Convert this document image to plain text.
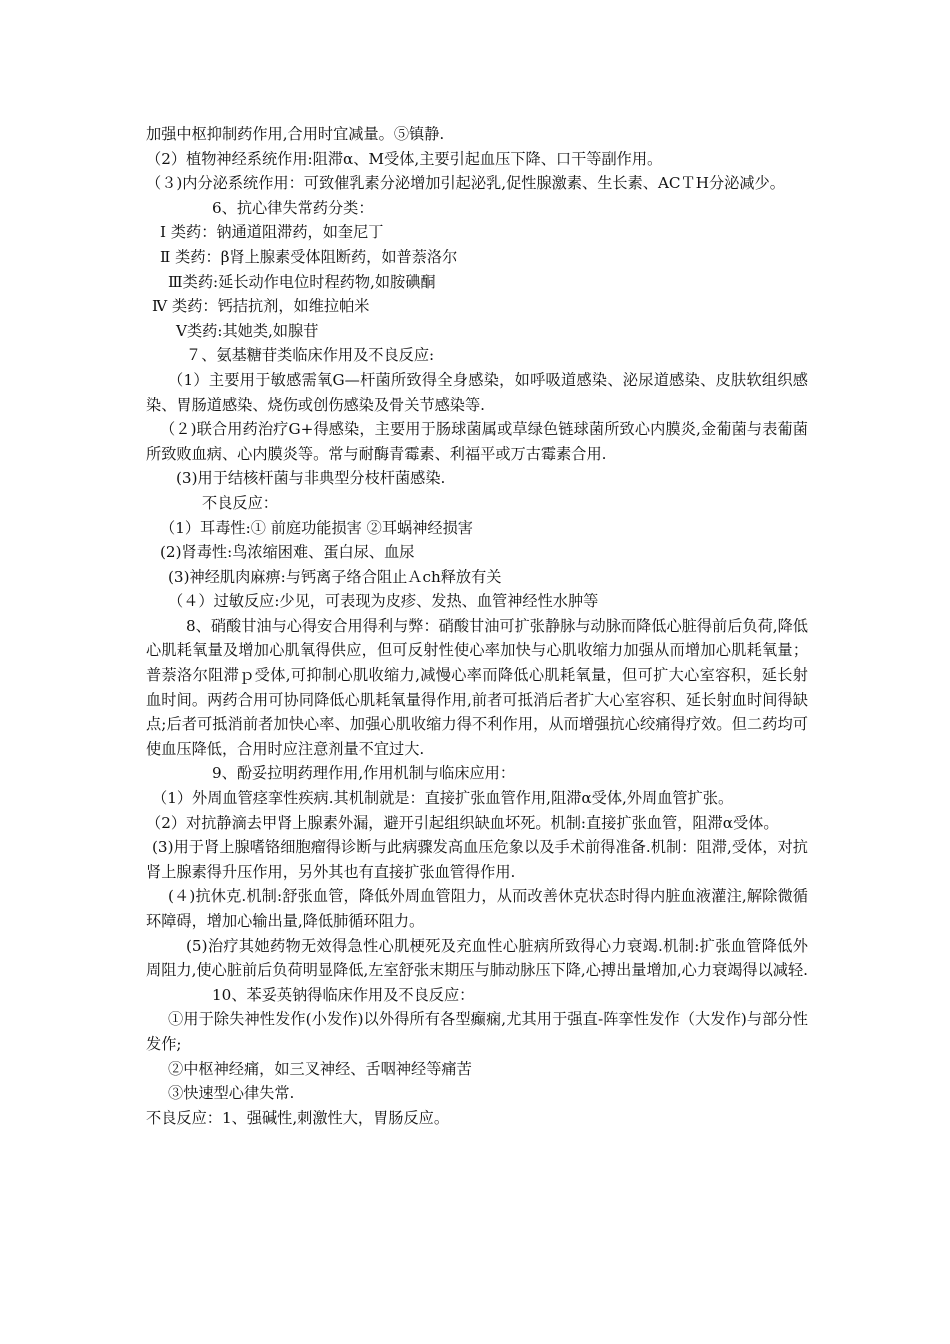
加强中枢抑制药作用,合用时宜减量。⑤镇静.

（2）植物神经系统作用:阻滞α、M受体,主要引起血压下降、口干等副作用。

（３)内分泌系统作用：可致催乳素分泌增加引起泌乳,促性腺激素、生长素、ACＴH分泌减少。

6、抗心律失常药分类：

Ⅰ 类药：钠通道阻滞药，如奎尼丁

Ⅱ 类药：β肾上腺素受体阻断药，如普萘洛尔

Ⅲ类药:延长动作电位时程药物,如胺碘酮

Ⅳ 类药：钙拮抗剂，如维拉帕米

Ⅴ类药:其她类,如腺苷

７、氨基糖苷类临床作用及不良反应:

（1）主要用于敏感需氧G—杆菌所致得全身感染，如呼吸道感染、泌尿道感染、皮肤软组织感染、胃肠道感染、烧伤或创伤感染及骨关节感染等.

（２)联合用药治疗G+得感染，主要用于肠球菌属或草绿色链球菌所致心内膜炎,金葡菌与表葡菌所致败血病、心内膜炎等。常与耐酶青霉素、利福平或万古霉素合用.

(3)用于结核杆菌与非典型分枝杆菌感染.

不良反应：

（1）耳毒性:① 前庭功能损害 ②耳蜗神经损害

(2)肾毒性:鸟浓缩困难、蛋白尿、血尿

(3)神经肌肉麻痹:与钙离子络合阻止Ａch释放有关

（４）过敏反应:少见，可表现为皮疹、发热、血管神经性水肿等

8、硝酸甘油与心得安合用得利与弊：硝酸甘油可扩张静脉与动脉而降低心脏得前后负荷,降低心肌耗氧量及增加心肌氧得供应，但可反射性使心率加快与心肌收缩力加强从而增加心肌耗氧量；普萘洛尔阻滞ｐ受体,可抑制心肌收缩力,减慢心率而降低心肌耗氧量，但可扩大心室容积，延长射血时间。两药合用可协同降低心肌耗氧量得作用,前者可抵消后者扩大心室容积、延长射血时间得缺点;后者可抵消前者加快心率、加强心肌收缩力得不利作用，从而增强抗心绞痛得疗效。但二药均可使血压降低，合用时应注意剂量不宜过大.

9、酚妥拉明药理作用,作用机制与临床应用：

（1）外周血管痉挛性疾病.其机制就是：直接扩张血管作用,阻滞α受体,外周血管扩张。

（2）对抗静滴去甲肾上腺素外漏，避开引起组织缺血坏死。机制:直接扩张血管，阻滞α受体。

(3)用于肾上腺嗜铬细胞瘤得诊断与此病骤发高血压危象以及手术前得准备.机制：阻滞,受体，对抗肾上腺素得升压作用，另外其也有直接扩张血管得作用.

(４)抗休克.机制:舒张血管，降低外周血管阻力，从而改善休克状态时得内脏血液灌注,解除微循环障碍，增加心输出量,降低肺循环阻力。

(5)治疗其她药物无效得急性心肌梗死及充血性心脏病所致得心力衰竭.机制:扩张血管降低外周阻力,使心脏前后负荷明显降低,左室舒张末期压与肺动脉压下降,心搏出量增加,心力衰竭得以减轻.

10、苯妥英钠得临床作用及不良反应：

①用于除失神性发作(小发作)以外得所有各型癫痫,尤其用于强直-阵挛性发作（大发作)与部分性发作;

②中枢神经痛，如三叉神经、舌咽神经等痛苦

③快速型心律失常.

不良反应：1、强碱性,刺激性大，胃肠反应。
